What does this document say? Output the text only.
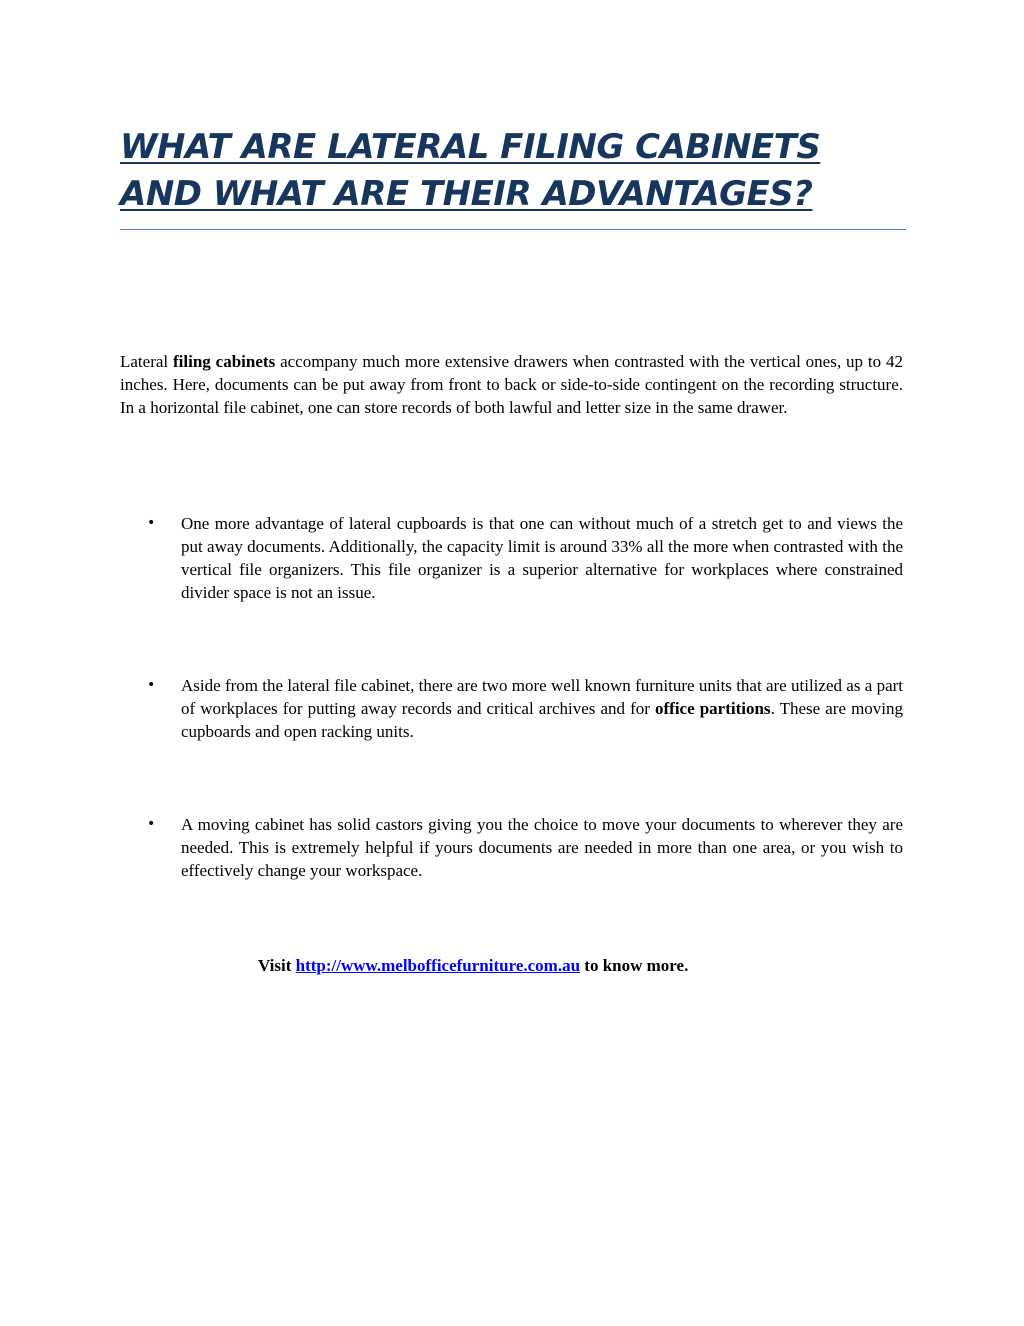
WHAT ARE LATERAL FILING CABINETS AND WHAT ARE THEIR ADVANTAGES?

Lateral filing cabinets accompany much more extensive drawers when contrasted with the vertical ones, up to 42 inches. Here, documents can be put away from front to back or side-to-side contingent on the recording structure. In a horizontal file cabinet, one can store records of both lawful and letter size in the same drawer.

•	One more advantage of lateral cupboards is that one can without much of a stretch get to and views the put away documents. Additionally, the capacity limit is around 33% all the more when contrasted with the vertical file organizers. This file organizer is a superior alternative for workplaces where constrained divider space is not an issue.

•	Aside from the lateral file cabinet, there are two more well known furniture units that are utilized as a part of workplaces for putting away records and critical archives and for office partitions. These are moving cupboards and open racking units.

•	A moving cabinet has solid castors giving you the choice to move your documents to wherever they are needed. This is extremely helpful if yours documents are needed in more than one area, or you wish to effectively change your workspace.

Visit http://www.melbofficefurniture.com.au to know more.
